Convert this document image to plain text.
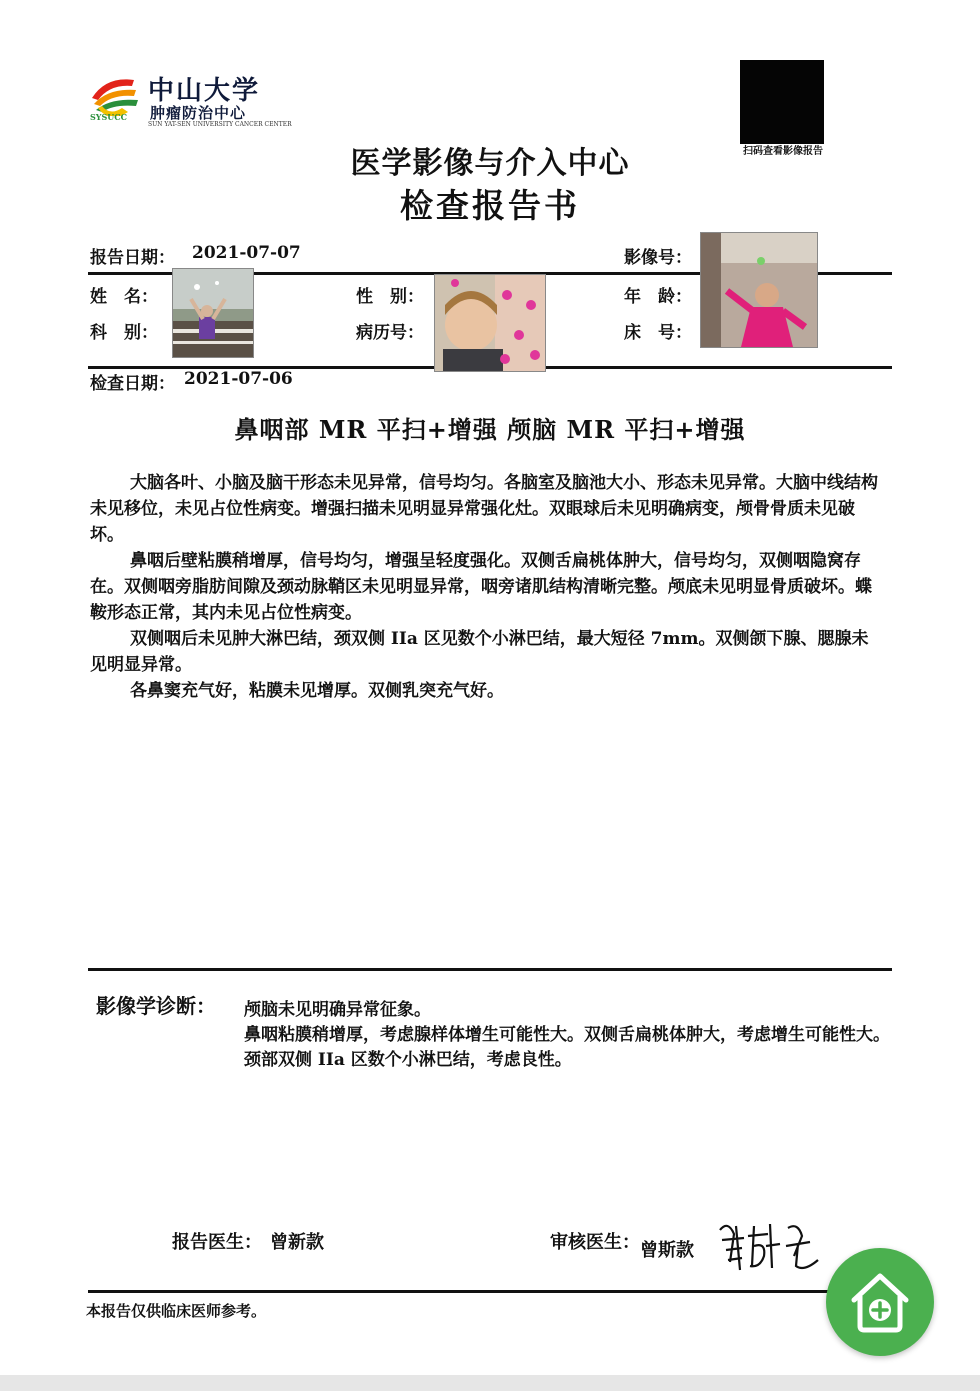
SYSUCC
中山大学
肿瘤防治中心
SUN YAT-SEN UNIVERSITY CANCER CENTER
扫码查看影像报告
医学影像与介入中心
检查报告书
报告日期： 2021-07-07	影像号：
姓　名：	性　别：	年　龄：
科　别：	病历号：	床　号：
检查日期： 2021-07-06
鼻咽部 MR 平扫+增强 颅脑 MR 平扫+增强

大脑各叶、小脑及脑干形态未见异常，信号均匀。各脑室及脑池大小、形态未见异常。大脑中线结构未见移位，未见占位性病变。增强扫描未见明显异常强化灶。双眼球后未见明确病变，颅骨骨质未见破坏。

鼻咽后壁粘膜稍增厚，信号均匀，增强呈轻度强化。双侧舌扁桃体肿大，信号均匀，双侧咽隐窝存在。双侧咽旁脂肪间隙及颈动脉鞘区未见明显异常，咽旁诸肌结构清晰完整。颅底未见明显骨质破坏。蝶鞍形态正常，其内未见占位性病变。

双侧咽后未见肿大淋巴结，颈双侧 IIa 区见数个小淋巴结，最大短径 7mm。双侧颌下腺、腮腺未见明显异常。

各鼻窦充气好，粘膜未见增厚。双侧乳突充气好。

影像学诊断： 颅脑未见明确异常征象。

鼻咽粘膜稍增厚，考虑腺样体增生可能性大。双侧舌扁桃体肿大，考虑增生可能性大。

颈部双侧 IIa 区数个小淋巴结，考虑良性。

报告医生： 曾新款	审核医生： 曾斯款
本报告仅供临床医师参考。
